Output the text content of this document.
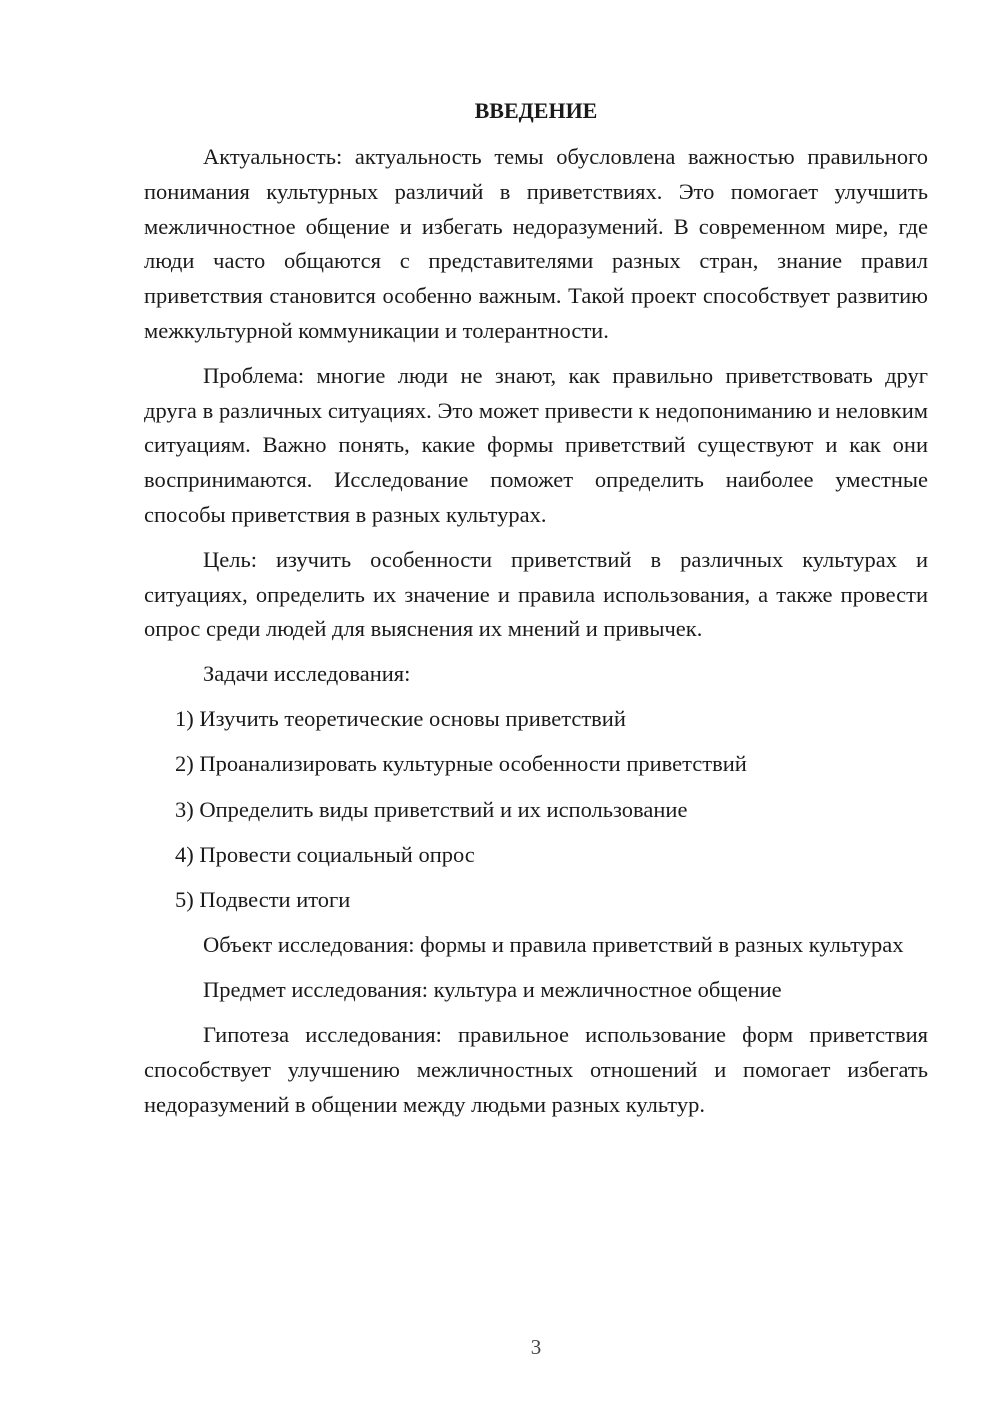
ВВЕДЕНИЕ

Актуальность: актуальность темы обусловлена важностью правильного понимания культурных различий в приветствиях. Это помогает улучшить межличностное общение и избегать недоразумений. В современном мире, где люди часто общаются с представителями разных стран, знание правил приветствия становится особенно важным. Такой проект способствует развитию межкультурной коммуникации и толерантности.

Проблема: многие люди не знают, как правильно приветствовать друг друга в различных ситуациях. Это может привести к недопониманию и неловким ситуациям. Важно понять, какие формы приветствий существуют и как они воспринимаются. Исследование поможет определить наиболее уместные способы приветствия в разных культурах.

Цель: изучить особенности приветствий в различных культурах и ситуациях, определить их значение и правила использования, а также провести опрос среди людей для выяснения их мнений и привычек.

Задачи исследования:

1) Изучить теоретические основы приветствий
2) Проанализировать культурные особенности приветствий
3) Определить виды приветствий и их использование
4) Провести социальный опрос
5) Подвести итоги

Объект исследования: формы и правила приветствий в разных культурах

Предмет исследования: культура и межличностное общение

Гипотеза исследования: правильное использование форм приветствия способствует улучшению межличностных отношений и помогает избегать недоразумений в общении между людьми разных культур.

3
